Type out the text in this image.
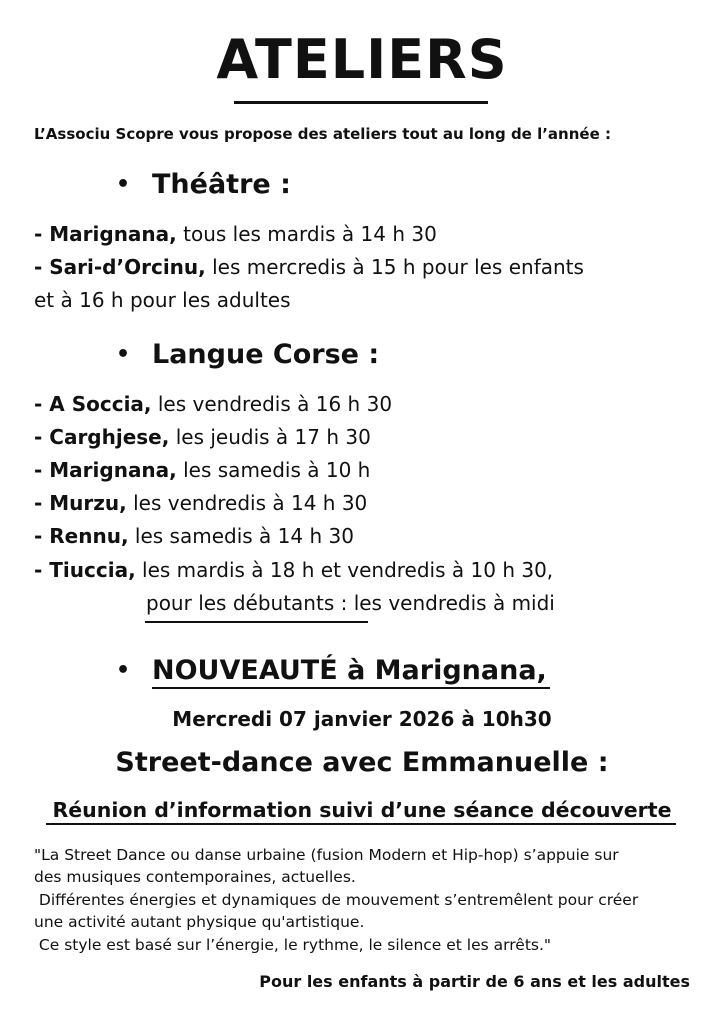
ATELIERS
L’Associu Scopre vous propose des ateliers tout au long de l’année :
• Théâtre :
- Marignana, tous les mardis à 14 h 30
- Sari-d’Orcinu, les mercredis à 15 h pour les enfants
et à 16 h pour les adultes
• Langue Corse :
- A Soccia, les vendredis à 16 h 30
- Carghjese, les jeudis à 17 h 30
- Marignana, les samedis à 10 h
- Murzu, les vendredis à 14 h 30
- Rennu, les samedis à 14 h 30
- Tiuccia, les mardis à 18 h et vendredis à 10 h 30,
pour les débutants : les vendredis à midi
• NOUVEAUTÉ à Marignana,
Mercredi 07 janvier 2026 à 10h30
Street-dance avec Emmanuelle :
Réunion d’information suivi d’une séance découverte
"La Street Dance ou danse urbaine (fusion Modern et Hip-hop) s’appuie sur
des musiques contemporaines, actuelles.
Différentes énergies et dynamiques de mouvement s’entremêlent pour créer
une activité autant physique qu'artistique.
Ce style est basé sur l’énergie, le rythme, le silence et les arrêts."
Pour les enfants à partir de 6 ans et les adultes
